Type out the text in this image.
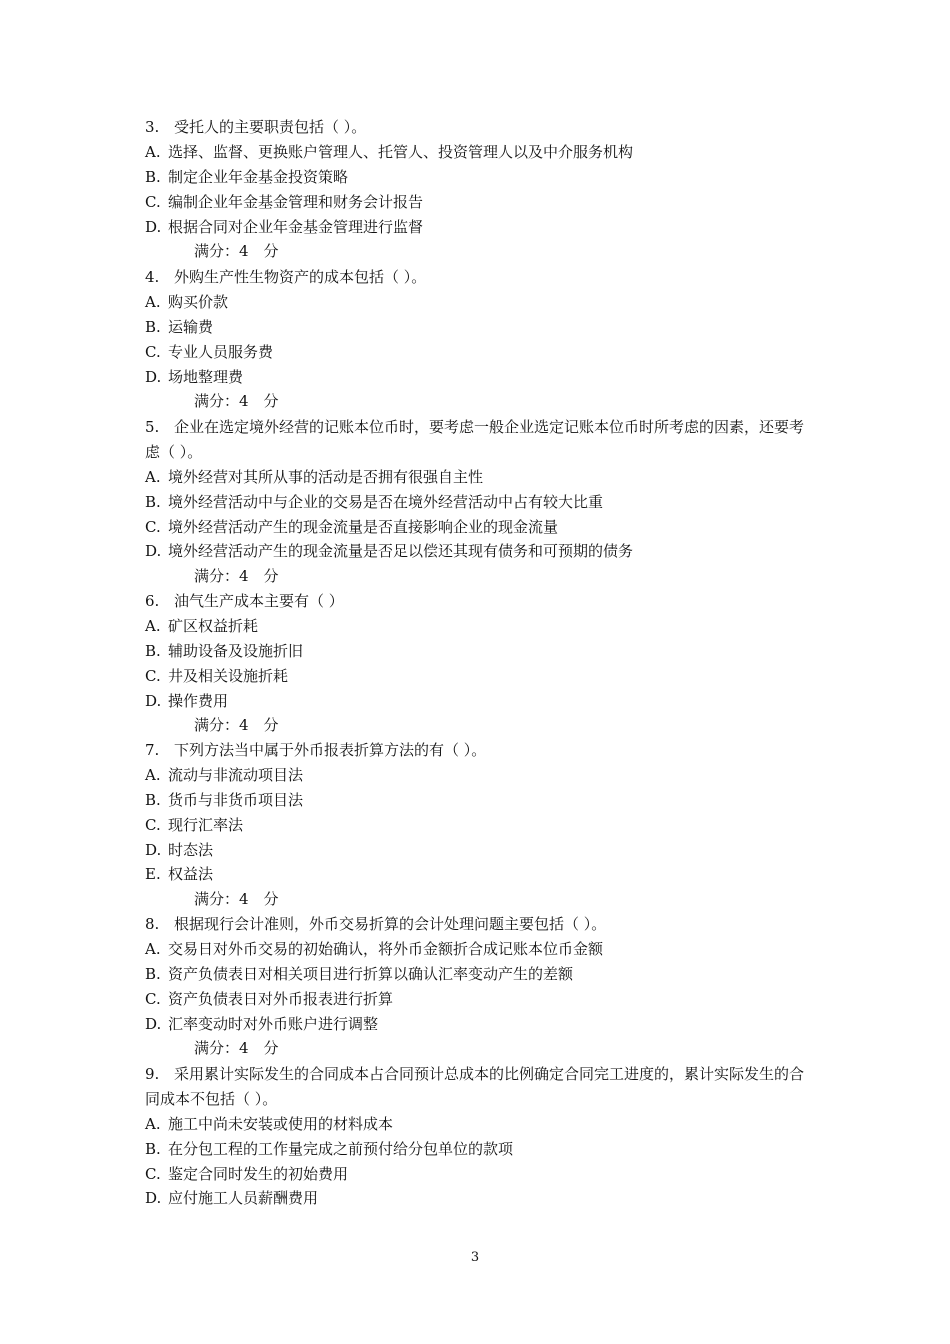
3. 受托人的主要职责包括（ ）。
A. 选择、监督、更换账户管理人、托管人、投资管理人以及中介服务机构
B. 制定企业年金基金投资策略
C. 编制企业年金基金管理和财务会计报告
D. 根据合同对企业年金基金管理进行监督
满分：4　分
4. 外购生产性生物资产的成本包括（ ）。
A. 购买价款
B. 运输费
C. 专业人员服务费
D. 场地整理费
满分：4　分
5. 企业在选定境外经营的记账本位币时，要考虑一般企业选定记账本位币时所考虑的因素，还要考虑（ ）。
A. 境外经营对其所从事的活动是否拥有很强自主性
B. 境外经营活动中与企业的交易是否在境外经营活动中占有较大比重
C. 境外经营活动产生的现金流量是否直接影响企业的现金流量
D. 境外经营活动产生的现金流量是否足以偿还其现有债务和可预期的债务
满分：4　分
6. 油气生产成本主要有（ ）
A. 矿区权益折耗
B. 辅助设备及设施折旧
C. 井及相关设施折耗
D. 操作费用
满分：4　分
7. 下列方法当中属于外币报表折算方法的有（ ）。
A. 流动与非流动项目法
B. 货币与非货币项目法
C. 现行汇率法
D. 时态法
E. 权益法
满分：4　分
8. 根据现行会计准则，外币交易折算的会计处理问题主要包括（ ）。
A. 交易日对外币交易的初始确认，将外币金额折合成记账本位币金额
B. 资产负债表日对相关项目进行折算以确认汇率变动产生的差额
C. 资产负债表日对外币报表进行折算
D. 汇率变动时对外币账户进行调整
满分：4　分
9. 采用累计实际发生的合同成本占合同预计总成本的比例确定合同完工进度的，累计实际发生的合同成本不包括（ ）。
A. 施工中尚未安装或使用的材料成本
B. 在分包工程的工作量完成之前预付给分包单位的款项
C. 鉴定合同时发生的初始费用
D. 应付施工人员薪酬费用
3
